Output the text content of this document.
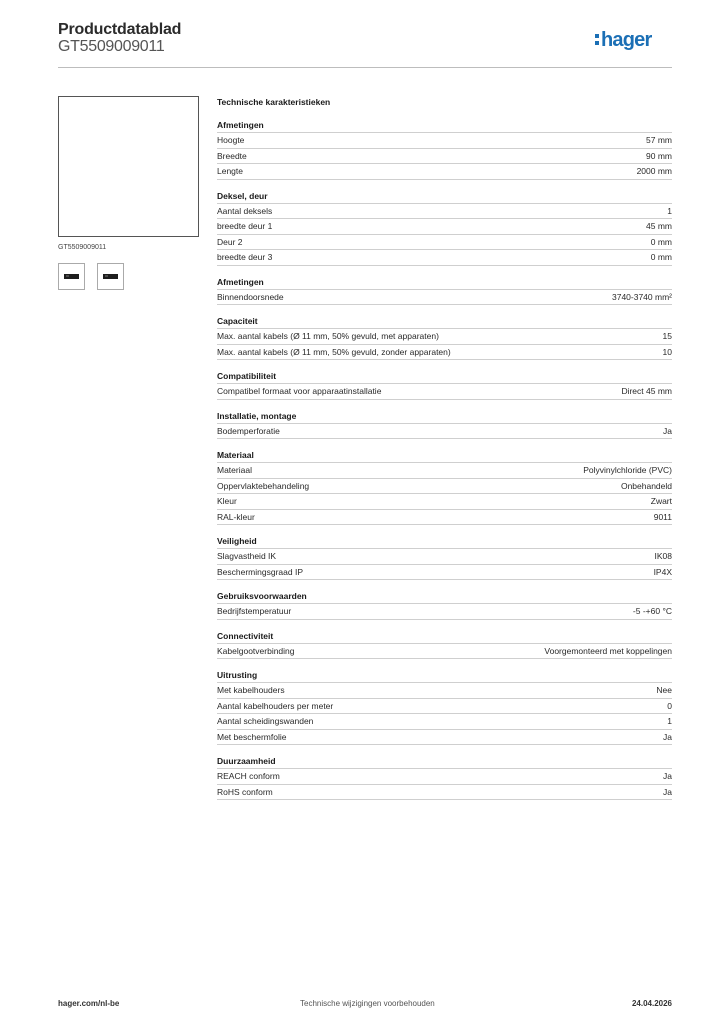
Productdatablad
GT5509009011	hager
GT5509009011
Technische karakteristieken
Afmetingen
Hoogte	57 mm
Breedte	90 mm
Lengte	2000 mm
Deksel, deur
Aantal deksels	1
breedte deur 1	45 mm
Deur 2	0 mm
breedte deur 3	0 mm
Afmetingen
Binnendoorsnede	3740-3740 mm²
Capaciteit
Max. aantal kabels (Ø 11 mm, 50% gevuld, met apparaten)	15
Max. aantal kabels (Ø 11 mm, 50% gevuld, zonder apparaten)	10
Compatibiliteit
Compatibel formaat voor apparaatinstallatie	Direct 45 mm
Installatie, montage
Bodemperforatie	Ja
Materiaal
Materiaal	Polyvinylchloride (PVC)
Oppervlaktebehandeling	Onbehandeld
Kleur	Zwart
RAL-kleur	9011
Veiligheid
Slagvastheid IK	IK08
Beschermingsgraad IP	IP4X
Gebruiksvoorwaarden
Bedrijfstemperatuur	-5 -+60 °C
Connectiviteit
Kabelgootverbinding	Voorgemonteerd met koppelingen
Uitrusting
Met kabelhouders	Nee
Aantal kabelhouders per meter	0
Aantal scheidingswanden	1
Met beschermfolie	Ja
Duurzaamheid
REACH conform	Ja
RoHS conform	Ja
hager.com/nl-be	Technische wijzigingen voorbehouden	24.04.2026
